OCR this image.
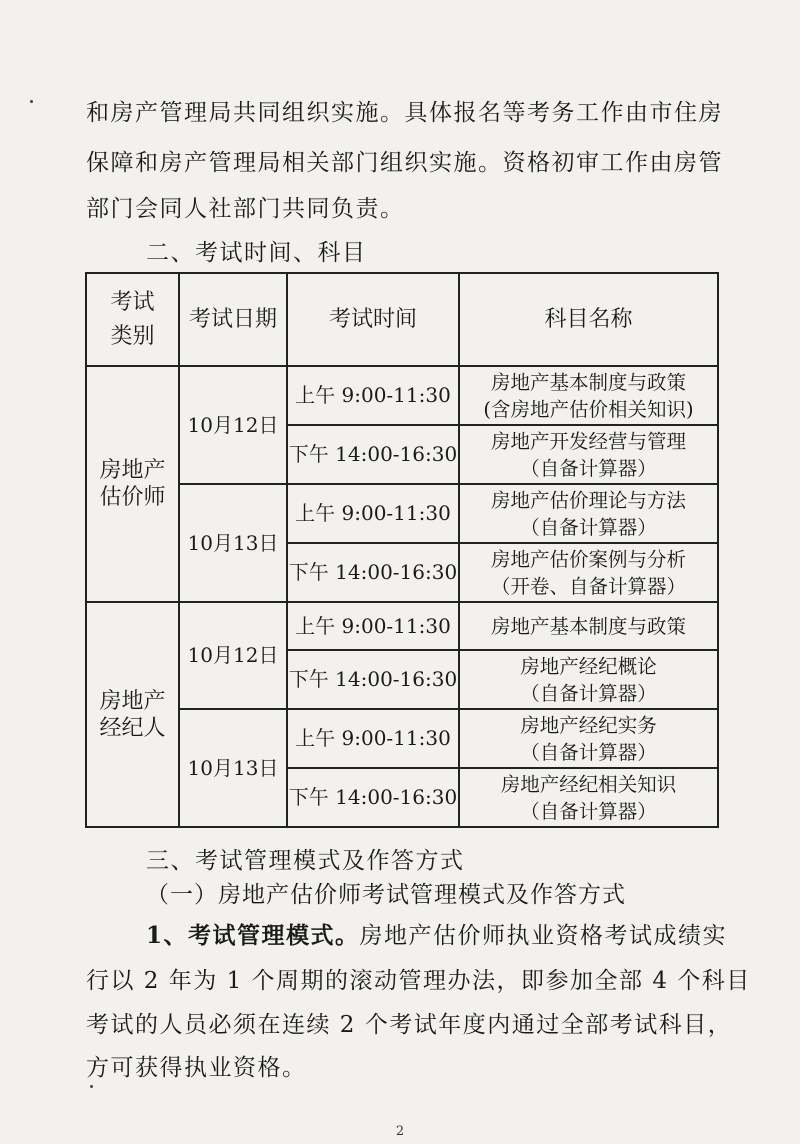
和房产管理局共同组织实施。具体报名等考务工作由市住房
保障和房产管理局相关部门组织实施。资格初审工作由房管
部门会同人社部门共同负责。
二、考试时间、科目
考试
类别	考试日期	考试时间	科目名称
房地产
估价师	10月12日	上午 9:00-11:30	房地产基本制度与政策
(含房地产估价相关知识)
		下午 14:00-16:30	房地产开发经营与管理
（自备计算器）
	10月13日	上午 9:00-11:30	房地产估价理论与方法
（自备计算器）
		下午 14:00-16:30	房地产估价案例与分析
（开卷、自备计算器）
房地产
经纪人	10月12日	上午 9:00-11:30	房地产基本制度与政策
		下午 14:00-16:30	房地产经纪概论
（自备计算器）
	10月13日	上午 9:00-11:30	房地产经纪实务
（自备计算器）
		下午 14:00-16:30	房地产经纪相关知识
（自备计算器）
三、考试管理模式及作答方式
（一）房地产估价师考试管理模式及作答方式
1、考试管理模式。房地产估价师执业资格考试成绩实
行以 2 年为 1 个周期的滚动管理办法，即参加全部 4 个科目
考试的人员必须在连续 2 个考试年度内通过全部考试科目，
方可获得执业资格。
2
